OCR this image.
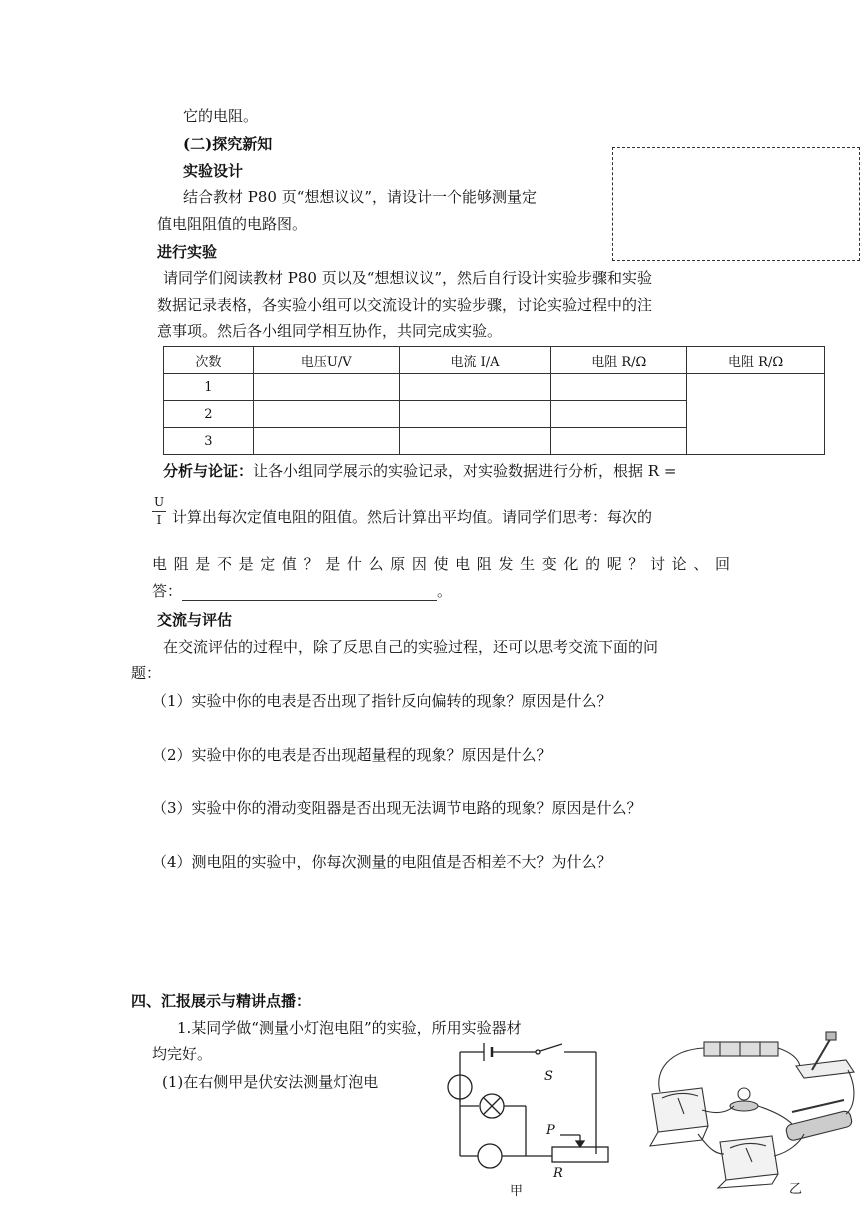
它的电阻。
(二)探究新知
实验设计
结合教材 P80 页“想想议议”，请设计一个能够测量定
值电阻阻值的电路图。
进行实验
请同学们阅读教材 P80 页以及“想想议议”，然后自行设计实验步骤和实验
数据记录表格，各实验小组可以交流设计的实验步骤，讨论实验过程中的注
意事项。然后各小组同学相互协作，共同完成实验。
次数	电压U/V	电流 I/A	电阻 R/Ω	电阻 R/Ω
1				
2				
3				
分析与论证：让各小组同学展示的实验记录，对实验数据进行分析，根据 R =
U
I 计算出每次定值电阻的阻值。然后计算出平均值。请同学们思考：每次的
电阻是不是定值？是什么原因使电阻发生变化的呢？讨论、回
答：	。
交流与评估
在交流评估的过程中，除了反思自己的实验过程，还可以思考交流下面的问
题：
（1）实验中你的电表是否出现了指针反向偏转的现象？原因是什么？
（2）实验中你的电表是否出现超量程的现象？原因是什么？
（3）实验中你的滑动变阻器是否出现无法调节电路的现象？原因是什么？
（4）测电阻的实验中，你每次测量的电阻值是否相差不大？为什么？
四、汇报展示与精讲点播：
1.某同学做“测量小灯泡电阻”的实验，所用实验器材
均完好。
(1)在右侧甲是伏安法测量灯泡电	S
P
R
甲	乙
